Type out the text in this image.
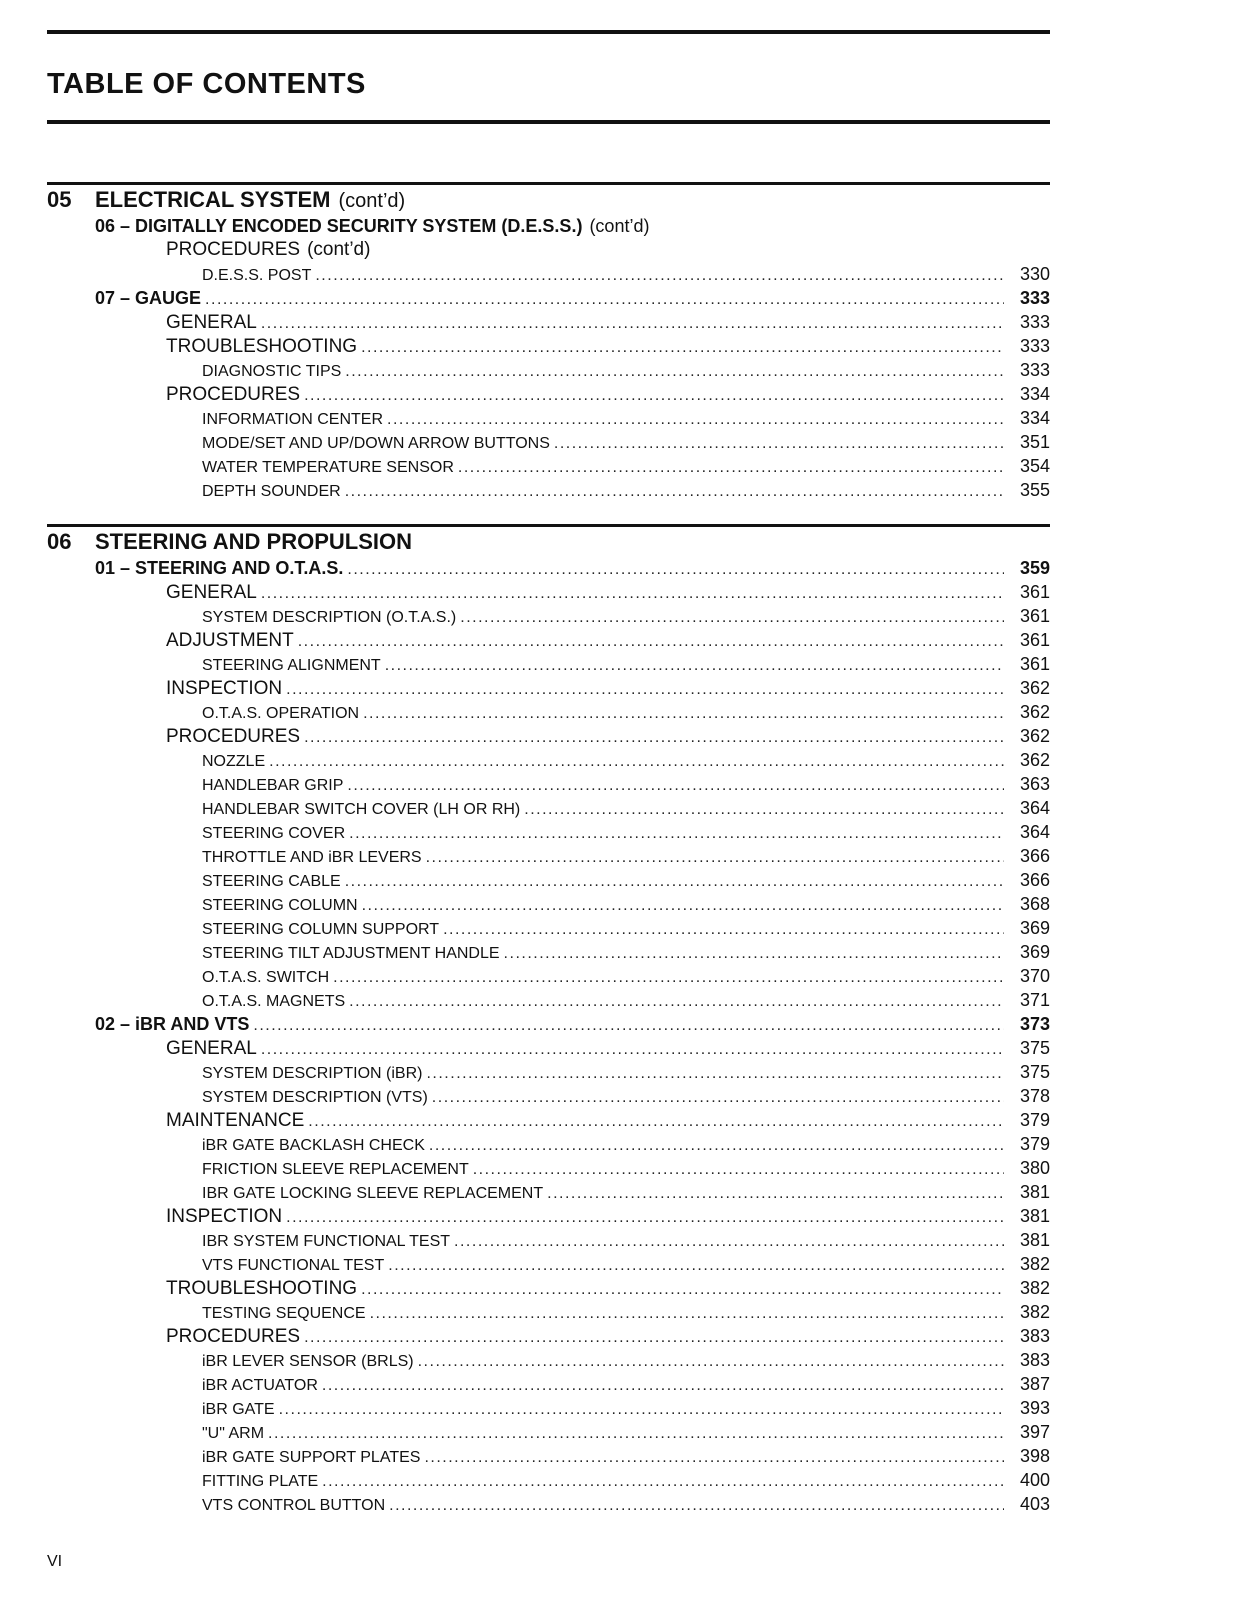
TABLE OF CONTENTS
05	ELECTRICAL SYSTEM (cont’d)
06 – DIGITALLY ENCODED SECURITY SYSTEM (D.E.S.S.) (cont’d)
PROCEDURES (cont’d)
D.E.S.S. POST .....	330
07 – GAUGE .....	333
GENERAL .....	333
TROUBLESHOOTING .....	333
DIAGNOSTIC TIPS .....	333
PROCEDURES .....	334
INFORMATION CENTER .....	334
MODE/SET AND UP/DOWN ARROW BUTTONS .....	351
WATER TEMPERATURE SENSOR .....	354
DEPTH SOUNDER .....	355
06	STEERING AND PROPULSION
01 – STEERING AND O.T.A.S. .....	359
GENERAL .....	361
SYSTEM DESCRIPTION (O.T.A.S.) .....	361
ADJUSTMENT .....	361
STEERING ALIGNMENT .....	361
INSPECTION .....	362
O.T.A.S. OPERATION .....	362
PROCEDURES .....	362
NOZZLE .....	362
HANDLEBAR GRIP .....	363
HANDLEBAR SWITCH COVER (LH OR RH) .....	364
STEERING COVER .....	364
THROTTLE AND iBR LEVERS .....	366
STEERING CABLE .....	366
STEERING COLUMN .....	368
STEERING COLUMN SUPPORT .....	369
STEERING TILT ADJUSTMENT HANDLE .....	369
O.T.A.S. SWITCH .....	370
O.T.A.S. MAGNETS .....	371
02 – iBR AND VTS .....	373
GENERAL .....	375
SYSTEM DESCRIPTION (iBR) .....	375
SYSTEM DESCRIPTION (VTS) .....	378
MAINTENANCE .....	379
iBR GATE BACKLASH CHECK .....	379
FRICTION SLEEVE REPLACEMENT .....	380
IBR GATE LOCKING SLEEVE REPLACEMENT .....	381
INSPECTION .....	381
IBR SYSTEM FUNCTIONAL TEST .....	381
VTS FUNCTIONAL TEST .....	382
TROUBLESHOOTING .....	382
TESTING SEQUENCE .....	382
PROCEDURES .....	383
iBR LEVER SENSOR (BRLS) .....	383
iBR ACTUATOR .....	387
iBR GATE .....	393
"U" ARM .....	397
iBR GATE SUPPORT PLATES .....	398
FITTING PLATE .....	400
VTS CONTROL BUTTON .....	403
VI
